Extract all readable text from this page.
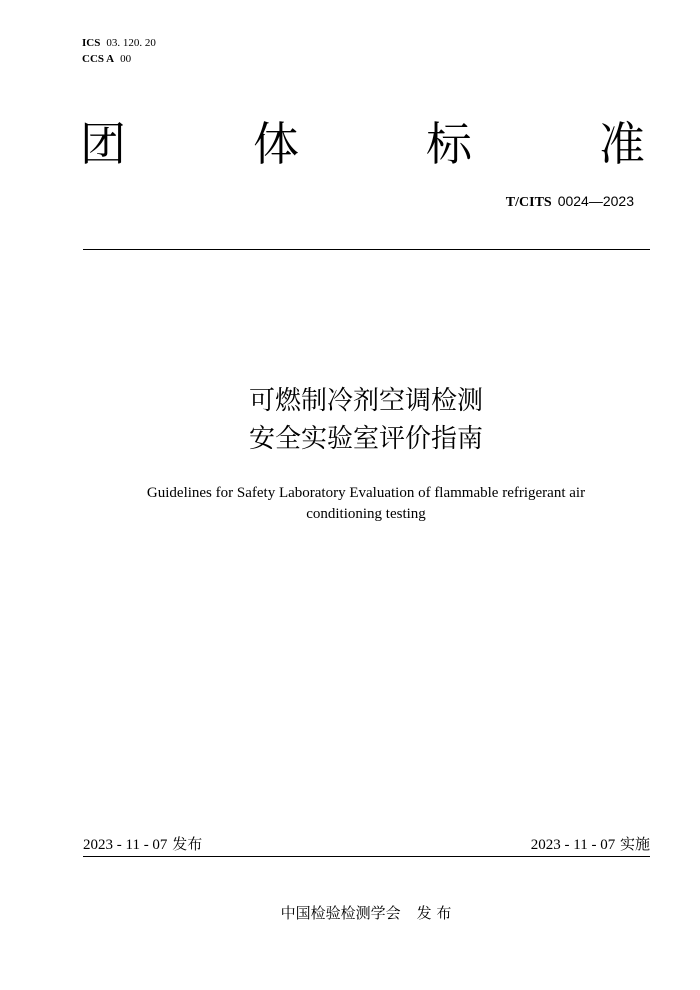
ICS 03. 120. 20
CCS A 00
团	体	标	准
T/CITS 0024—2023
可燃制冷剂空调检测
安全实验室评价指南
Guidelines for Safety Laboratory Evaluation of flammable refrigerant air
conditioning testing
2023 - 11 - 07 发布	2023 - 11 - 07 实施
中国检验检测学会 发 布
